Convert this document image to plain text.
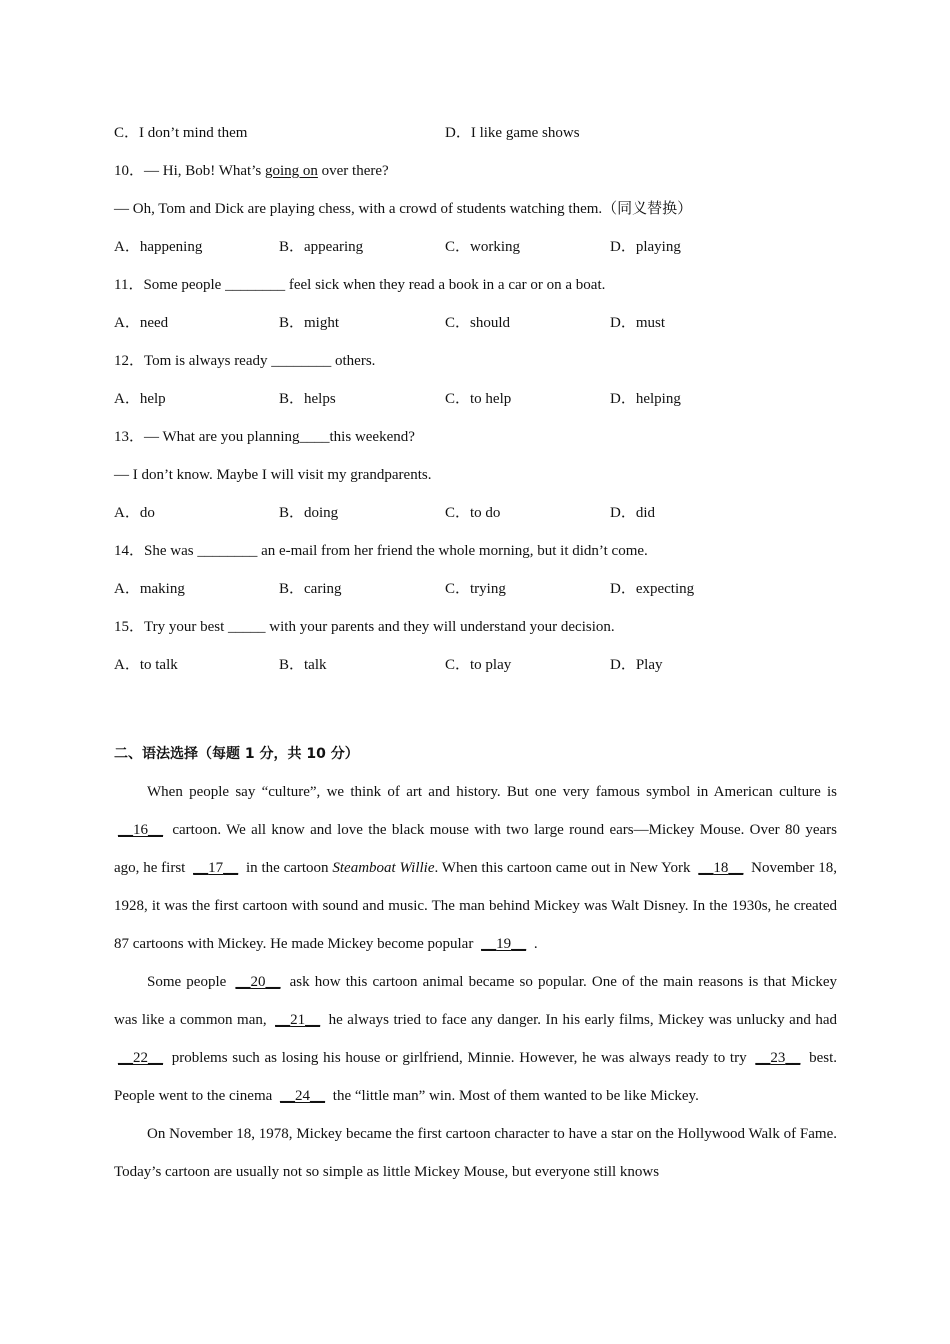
C．I don’t mind them	D．I like game shows
10．— Hi, Bob! What’s going on over there?
— Oh, Tom and Dick are playing chess, with a crowd of students watching them.（同义替换）
A．happening	B．appearing	C．working	D．playing
11．Some people ________ feel sick when they read a book in a car or on a boat.
A．need	B．might	C．should	D．must
12．Tom is always ready ________ others.
A．help	B．helps	C．to help	D．helping
13．— What are you planning____this weekend?
— I don’t know. Maybe I will visit my grandparents.
A．do	B．doing	C．to do	D．did
14．She was ________ an e-mail from her friend the whole morning, but it didn’t come.
A．making	B．caring	C．trying	D．expecting
15．Try your best _____ with your parents and they will understand your decision.
A．to talk	B．talk	C．to play	D．Play
二、语法选择（每题 1 分，共 10 分）

When people say “culture”, we think of art and history. But one very famous symbol in American culture is __16__ cartoon. We all know and love the black mouse with two large round ears—Mickey Mouse. Over 80 years ago, he first __17__ in the cartoon Steamboat Willie. When this cartoon came out in New York __18__ November 18, 1928, it was the first cartoon with sound and music. The man behind Mickey was Walt Disney. In the 1930s, he created 87 cartoons with Mickey. He made Mickey become popular __19__ .

Some people __20__ ask how this cartoon animal became so popular. One of the main reasons is that Mickey was like a common man, __21__ he always tried to face any danger. In his early films, Mickey was unlucky and had __22__ problems such as losing his house or girlfriend, Minnie. However, he was always ready to try __23__ best. People went to the cinema __24__ the “little man” win. Most of them wanted to be like Mickey.

On November 18, 1978, Mickey became the first cartoon character to have a star on the Hollywood Walk of Fame. Today’s cartoon are usually not so simple as little Mickey Mouse, but everyone still knows
